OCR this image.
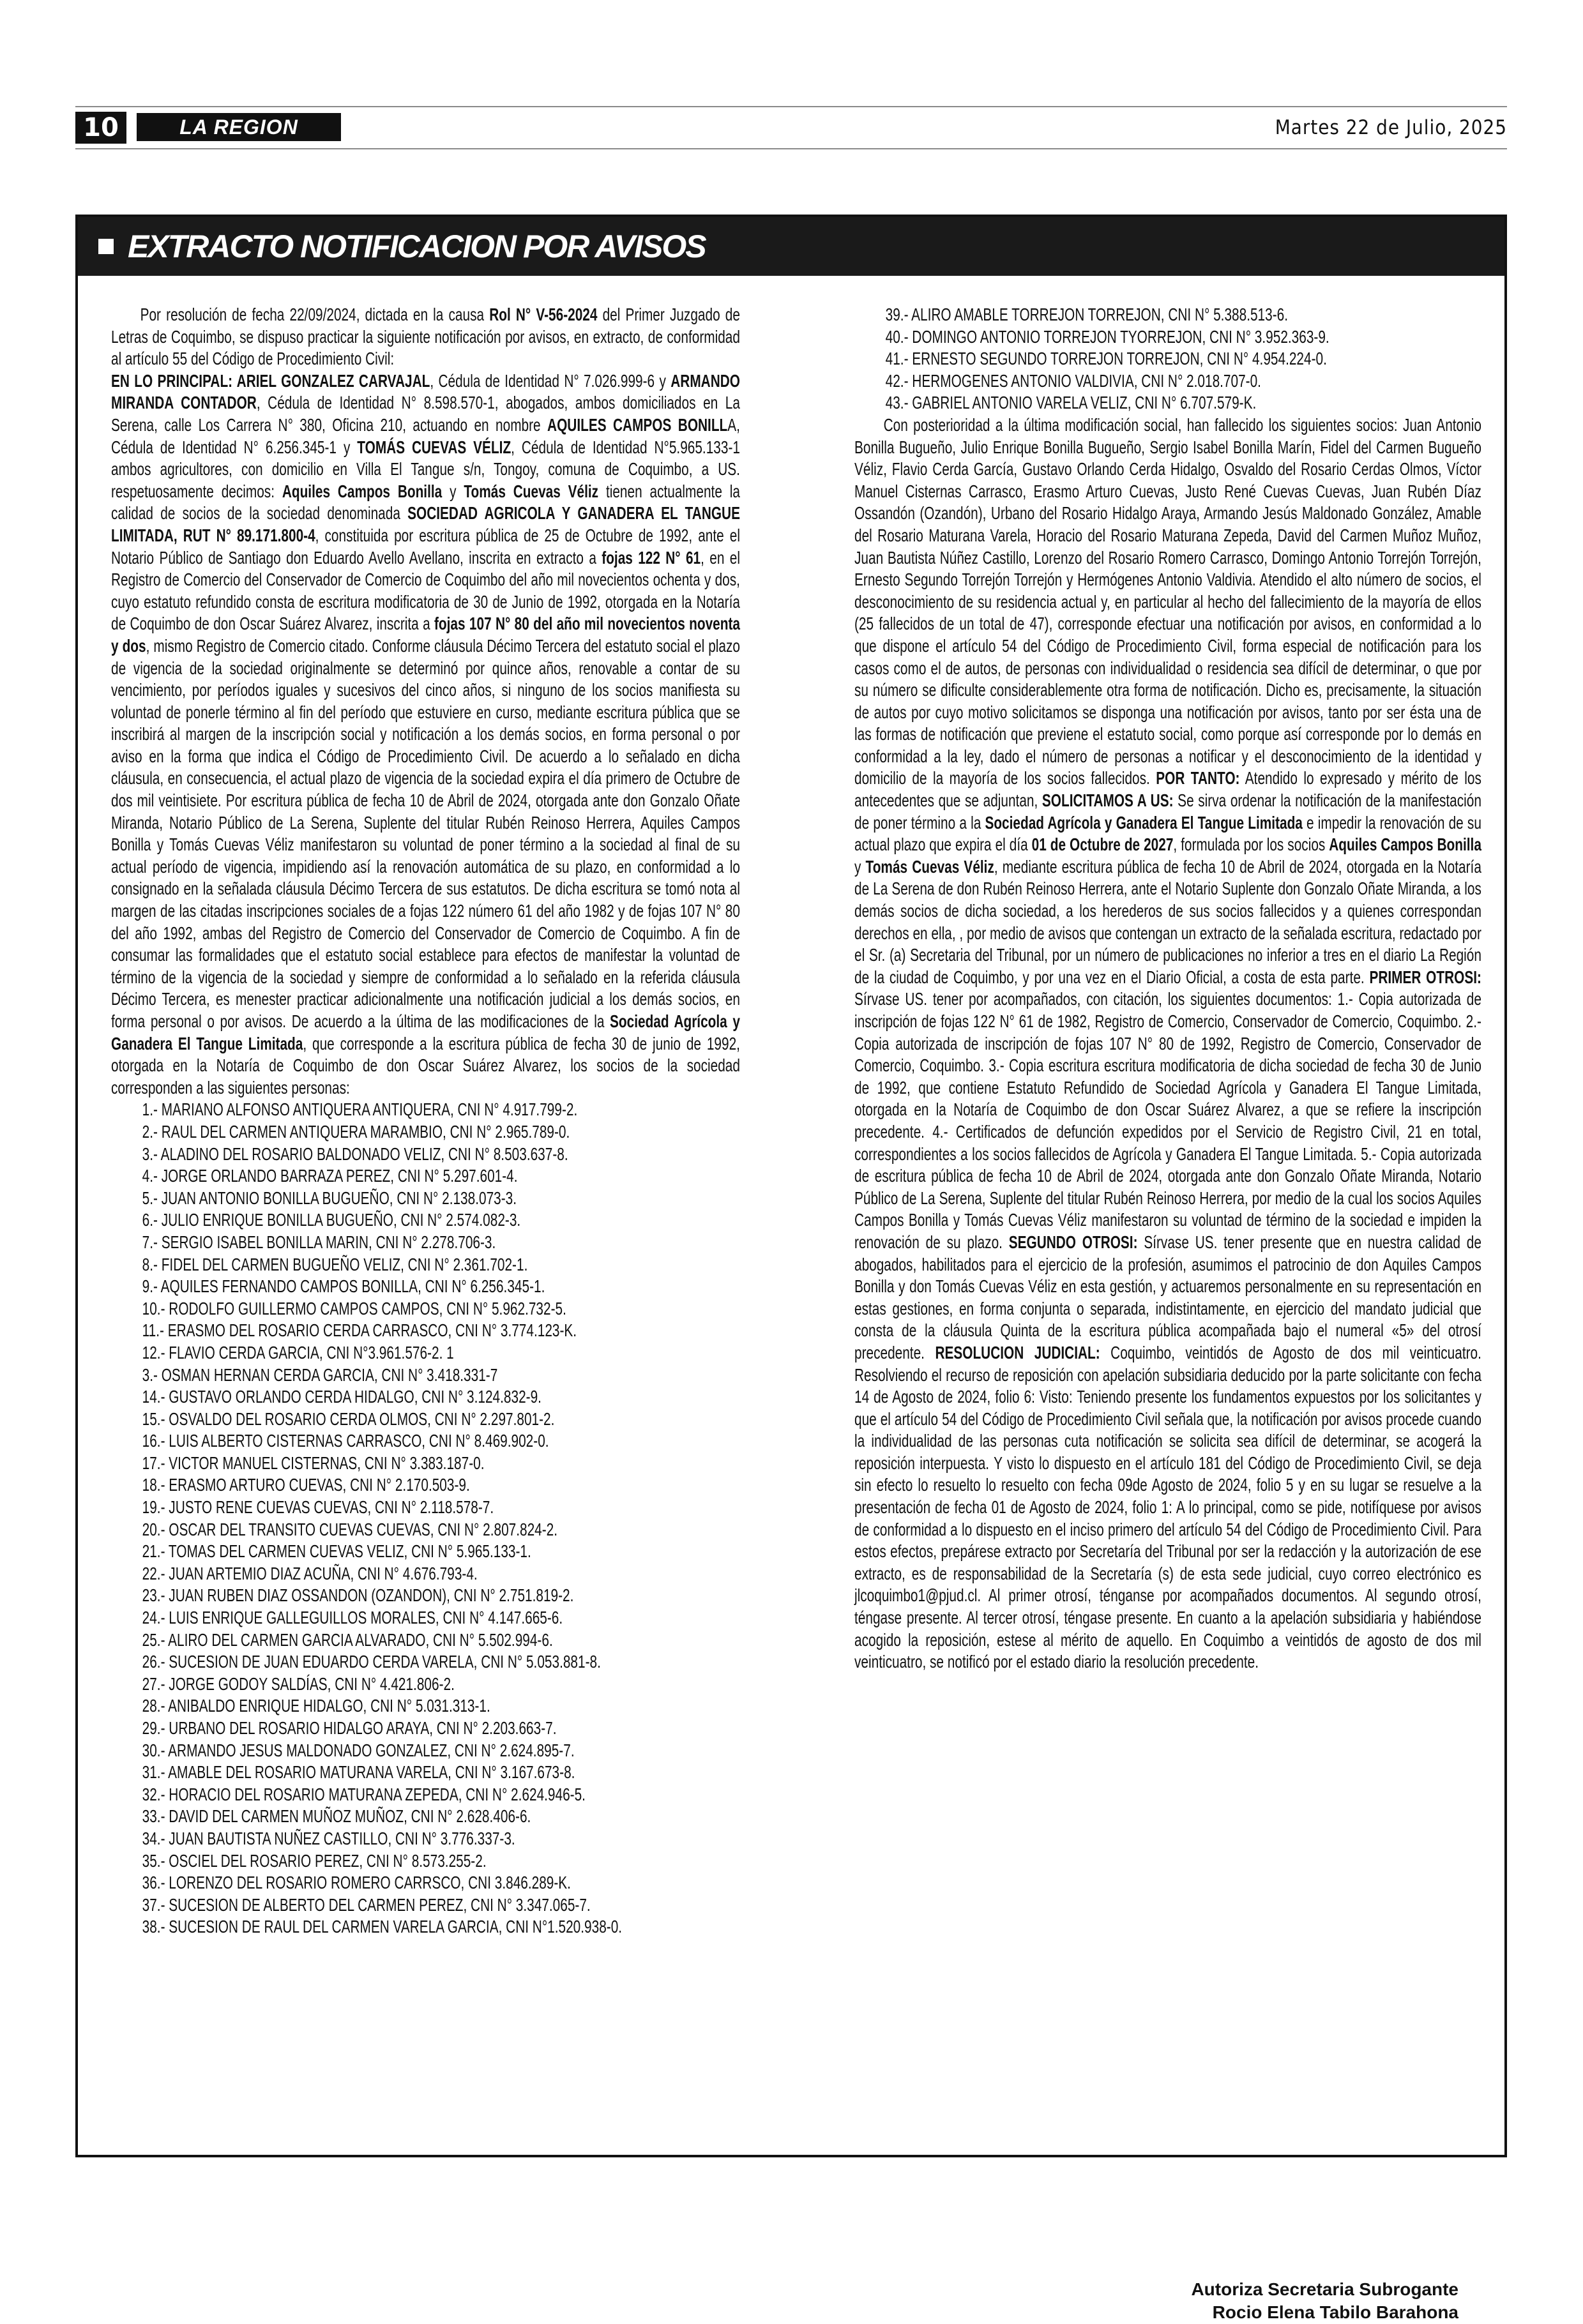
10	LA REGION	Martes 22 de Julio, 2025
EXTRACTO NOTIFICACION POR AVISOS

Por resolución de fecha 22/09/2024, dictada en la causa Rol N° V-56-2024 del Primer Juzgado de Letras de Coquimbo, se dispuso practicar la siguiente notificación por avisos, en extracto, de conformidad al artículo 55 del Código de Procedimiento Civil:

EN LO PRINCIPAL: ARIEL GONZALEZ CARVAJAL, Cédula de Identidad N° 7.026.999-6 y ARMANDO MIRANDA CONTADOR, Cédula de Identidad N° 8.598.570-1, abogados, ambos domiciliados en La Serena, calle Los Carrera N° 380, Oficina 210, actuando en nombre AQUILES CAMPOS BONILLA, Cédula de Identidad N° 6.256.345-1 y TOMÁS CUEVAS VÉLIZ, Cédula de Identidad N°5.965.133-1 ambos agricultores, con domicilio en Villa El Tangue s/n, Tongoy, comuna de Coquimbo, a US. respetuosamente decimos: Aquiles Campos Bonilla y Tomás Cuevas Véliz tienen actualmente la calidad de socios de la sociedad denominada SOCIEDAD AGRICOLA Y GANADERA EL TANGUE LIMITADA, RUT N° 89.171.800-4, constituida por escritura pública de 25 de Octubre de 1992, ante el Notario Público de Santiago don Eduardo Avello Avellano, inscrita en extracto a fojas 122 N° 61, en el Registro de Comercio del Conservador de Comercio de Coquimbo del año mil novecientos ochenta y dos, cuyo estatuto refundido consta de escritura modificatoria de 30 de Junio de 1992, otorgada en la Notaría de Coquimbo de don Oscar Suárez Alvarez, inscrita a fojas 107 N° 80 del año mil novecientos noventa y dos, mismo Registro de Comercio citado. Conforme cláusula Décimo Tercera del estatuto social el plazo de vigencia de la sociedad originalmente se determinó por quince años, renovable a contar de su vencimiento, por períodos iguales y sucesivos del cinco años, si ninguno de los socios manifiesta su voluntad de ponerle término al fin del período que estuviere en curso, mediante escritura pública que se inscribirá al margen de la inscripción social y notificación a los demás socios, en forma personal o por aviso en la forma que indica el Código de Procedimiento Civil. De acuerdo a lo señalado en dicha cláusula, en consecuencia, el actual plazo de vigencia de la sociedad expira el día primero de Octubre de dos mil veintisiete. Por escritura pública de fecha 10 de Abril de 2024, otorgada ante don Gonzalo Oñate Miranda, Notario Público de La Serena, Suplente del titular Rubén Reinoso Herrera, Aquiles Campos Bonilla y Tomás Cuevas Véliz manifestaron su voluntad de poner término a la sociedad al final de su actual período de vigencia, impidiendo así la renovación automática de su plazo, en conformidad a lo consignado en la señalada cláusula Décimo Tercera de sus estatutos. De dicha escritura se tomó nota al margen de las citadas inscripciones sociales de a fojas 122 número 61 del año 1982 y de fojas 107 N° 80 del año 1992, ambas del Registro de Comercio del Conservador de Comercio de Coquimbo. A fin de consumar las formalidades que el estatuto social establece para efectos de manifestar la voluntad de término de la vigencia de la sociedad y siempre de conformidad a lo señalado en la referida cláusula Décimo Tercera, es menester practicar adicionalmente una notificación judicial a los demás socios, en forma personal o por avisos. De acuerdo a la última de las modificaciones de la Sociedad Agrícola y Ganadera El Tangue Limitada, que corresponde a la escritura pública de fecha 30 de junio de 1992, otorgada en la Notaría de Coquimbo de don Oscar Suárez Alvarez, los socios de la sociedad corresponden a las siguientes personas:

1.- MARIANO ALFONSO ANTIQUERA ANTIQUERA, CNI N° 4.917.799-2.
2.- RAUL DEL CARMEN ANTIQUERA MARAMBIO, CNI N° 2.965.789-0.
3.- ALADINO DEL ROSARIO BALDONADO VELIZ, CNI N° 8.503.637-8.
4.- JORGE ORLANDO BARRAZA PEREZ, CNI N° 5.297.601-4.
5.- JUAN ANTONIO BONILLA BUGUEÑO, CNI N° 2.138.073-3.
6.- JULIO ENRIQUE BONILLA BUGUEÑO, CNI N° 2.574.082-3.
7.- SERGIO ISABEL BONILLA MARIN, CNI N° 2.278.706-3.
8.- FIDEL DEL CARMEN BUGUEÑO VELIZ, CNI N° 2.361.702-1.
9.- AQUILES FERNANDO CAMPOS BONILLA, CNI N° 6.256.345-1.
10.- RODOLFO GUILLERMO CAMPOS CAMPOS, CNI N° 5.962.732-5.
11.- ERASMO DEL ROSARIO CERDA CARRASCO, CNI N° 3.774.123-K.
12.- FLAVIO CERDA GARCIA, CNI N°3.961.576-2. 1
3.- OSMAN HERNAN CERDA GARCIA, CNI N° 3.418.331-7
14.- GUSTAVO ORLANDO CERDA HIDALGO, CNI N° 3.124.832-9.
15.- OSVALDO DEL ROSARIO CERDA OLMOS, CNI N° 2.297.801-2.
16.- LUIS ALBERTO CISTERNAS CARRASCO, CNI N° 8.469.902-0.
17.- VICTOR MANUEL CISTERNAS, CNI N° 3.383.187-0.
18.- ERASMO ARTURO CUEVAS, CNI N° 2.170.503-9.
19.- JUSTO RENE CUEVAS CUEVAS, CNI N° 2.118.578-7.
20.- OSCAR DEL TRANSITO CUEVAS CUEVAS, CNI N° 2.807.824-2.
21.- TOMAS DEL CARMEN CUEVAS VELIZ, CNI N° 5.965.133-1.
22.- JUAN ARTEMIO DIAZ ACUÑA, CNI N° 4.676.793-4.
23.- JUAN RUBEN DIAZ OSSANDON (OZANDON), CNI N° 2.751.819-2.
24.- LUIS ENRIQUE GALLEGUILLOS MORALES, CNI N° 4.147.665-6.
25.- ALIRO DEL CARMEN GARCIA ALVARADO, CNI N° 5.502.994-6.
26.- SUCESION DE JUAN EDUARDO CERDA VARELA, CNI N° 5.053.881-8.
27.- JORGE GODOY SALDÍAS, CNI N° 4.421.806-2.
28.- ANIBALDO ENRIQUE HIDALGO, CNI N° 5.031.313-1.
29.- URBANO DEL ROSARIO HIDALGO ARAYA, CNI N° 2.203.663-7.
30.- ARMANDO JESUS MALDONADO GONZALEZ, CNI N° 2.624.895-7.
31.- AMABLE DEL ROSARIO MATURANA VARELA, CNI N° 3.167.673-8.
32.- HORACIO DEL ROSARIO MATURANA ZEPEDA, CNI N° 2.624.946-5.
33.- DAVID DEL CARMEN MUÑOZ MUÑOZ, CNI N° 2.628.406-6.
34.- JUAN BAUTISTA NUÑEZ CASTILLO, CNI N° 3.776.337-3.
35.- OSCIEL DEL ROSARIO PEREZ, CNI N° 8.573.255-2.
36.- LORENZO DEL ROSARIO ROMERO CARRSCO, CNI 3.846.289-K.
37.- SUCESION DE ALBERTO DEL CARMEN PEREZ, CNI N° 3.347.065-7.
38.- SUCESION DE RAUL DEL CARMEN VARELA GARCIA, CNI N°1.520.938-0.
39.- ALIRO AMABLE TORREJON TORREJON, CNI N° 5.388.513-6.
40.- DOMINGO ANTONIO TORREJON TYORREJON, CNI N° 3.952.363-9.
41.- ERNESTO SEGUNDO TORREJON TORREJON, CNI N° 4.954.224-0.
42.- HERMOGENES ANTONIO VALDIVIA, CNI N° 2.018.707-0.
43.- GABRIEL ANTONIO VARELA VELIZ, CNI N° 6.707.579-K.

Con posterioridad a la última modificación social, han fallecido los siguientes socios: Juan Antonio Bonilla Bugueño, Julio Enrique Bonilla Bugueño, Sergio Isabel Bonilla Marín, Fidel del Carmen Bugueño Véliz, Flavio Cerda García, Gustavo Orlando Cerda Hidalgo, Osvaldo del Rosario Cerdas Olmos, Víctor Manuel Cisternas Carrasco, Erasmo Arturo Cuevas, Justo René Cuevas Cuevas, Juan Rubén Díaz Ossandón (Ozandón), Urbano del Rosario Hidalgo Araya, Armando Jesús Maldonado González, Amable del Rosario Maturana Varela, Horacio del Rosario Maturana Zepeda, David del Carmen Muñoz Muñoz, Juan Bautista Núñez Castillo, Lorenzo del Rosario Romero Carrasco, Domingo Antonio Torrejón Torrejón, Ernesto Segundo Torrejón Torrejón y Hermógenes Antonio Valdivia. Atendido el alto número de socios, el desconocimiento de su residencia actual y, en particular al hecho del fallecimiento de la mayoría de ellos (25 fallecidos de un total de 47), corresponde efectuar una notificación por avisos, en conformidad a lo que dispone el artículo 54 del Código de Procedimiento Civil, forma especial de notificación para los casos como el de autos, de personas con individualidad o residencia sea difícil de determinar, o que por su número se dificulte considerablemente otra forma de notificación. Dicho es, precisamente, la situación de autos por cuyo motivo solicitamos se disponga una notificación por avisos, tanto por ser ésta una de las formas de notificación que previene el estatuto social, como porque así corresponde por lo demás en conformidad a la ley, dado el número de personas a notificar y el desconocimiento de la identidad y domicilio de la mayoría de los socios fallecidos. POR TANTO: Atendido lo expresado y mérito de los antecedentes que se adjuntan, SOLICITAMOS A US: Se sirva ordenar la notificación de la manifestación de poner término a la Sociedad Agrícola y Ganadera El Tangue Limitada e impedir la renovación de su actual plazo que expira el día 01 de Octubre de 2027, formulada por los socios Aquiles Campos Bonilla y Tomás Cuevas Véliz, mediante escritura pública de fecha 10 de Abril de 2024, otorgada en la Notaría de La Serena de don Rubén Reinoso Herrera, ante el Notario Suplente don Gonzalo Oñate Miranda, a los demás socios de dicha sociedad, a los herederos de sus socios fallecidos y a quienes correspondan derechos en ella, , por medio de avisos que contengan un extracto de la señalada escritura, redactado por el Sr. (a) Secretaria del Tribunal, por un número de publicaciones no inferior a tres en el diario La Región de la ciudad de Coquimbo, y por una vez en el Diario Oficial, a costa de esta parte. PRIMER OTROSI: Sírvase US. tener por acompañados, con citación, los siguientes documentos: 1.- Copia autorizada de inscripción de fojas 122 N° 61 de 1982, Registro de Comercio, Conservador de Comercio, Coquimbo. 2.- Copia autorizada de inscripción de fojas 107 N° 80 de 1992, Registro de Comercio, Conservador de Comercio, Coquimbo. 3.- Copia escritura escritura modificatoria de dicha sociedad de fecha 30 de Junio de 1992, que contiene Estatuto Refundido de Sociedad Agrícola y Ganadera El Tangue Limitada, otorgada en la Notaría de Coquimbo de don Oscar Suárez Alvarez, a que se refiere la inscripción precedente. 4.- Certificados de defunción expedidos por el Servicio de Registro Civil, 21 en total, correspondientes a los socios fallecidos de Agrícola y Ganadera El Tangue Limitada. 5.- Copia autorizada de escritura pública de fecha 10 de Abril de 2024, otorgada ante don Gonzalo Oñate Miranda, Notario Público de La Serena, Suplente del titular Rubén Reinoso Herrera, por medio de la cual los socios Aquiles Campos Bonilla y Tomás Cuevas Véliz manifestaron su voluntad de término de la sociedad e impiden la renovación de su plazo. SEGUNDO OTROSI: Sírvase US. tener presente que en nuestra calidad de abogados, habilitados para el ejercicio de la profesión, asumimos el patrocinio de don Aquiles Campos Bonilla y don Tomás Cuevas Véliz en esta gestión, y actuaremos personalmente en su representación en estas gestiones, en forma conjunta o separada, indistintamente, en ejercicio del mandato judicial que consta de la cláusula Quinta de la escritura pública acompañada bajo el numeral «5» del otrosí precedente. RESOLUCION JUDICIAL: Coquimbo, veintidós de Agosto de dos mil veinticuatro. Resolviendo el recurso de reposición con apelación subsidiaria deducido por la parte solicitante con fecha 14 de Agosto de 2024, folio 6: Visto: Teniendo presente los fundamentos expuestos por los solicitantes y que el artículo 54 del Código de Procedimiento Civil señala que, la notificación por avisos procede cuando la individualidad de las personas cuta notificación se solicita sea difícil de determinar, se acogerá la reposición interpuesta. Y visto lo dispuesto en el artículo 181 del Código de Procedimiento Civil, se deja sin efecto lo resuelto lo resuelto con fecha 09de Agosto de 2024, folio 5 y en su lugar se resuelve a la presentación de fecha 01 de Agosto de 2024, folio 1: A lo principal, como se pide, notifíquese por avisos de conformidad a lo dispuesto en el inciso primero del artículo 54 del Código de Procedimiento Civil. Para estos efectos, prepárese extracto por Secretaría del Tribunal por ser la redacción y la autorización de ese extracto, es de responsabilidad de la Secretaría (s) de esta sede judicial, cuyo correo electrónico es jlcoquimbo1@pjud.cl. Al primer otrosí, ténganse por acompañados documentos. Al segundo otrosí, téngase presente. Al tercer otrosí, téngase presente. En cuanto a la apelación subsidiaria y habiéndose acogido la reposición, estese al mérito de aquello. En Coquimbo a veintidós de agosto de dos mil veinticuatro, se notificó por el estado diario la resolución precedente.

Autoriza Secretaria Subrogante
Rocio Elena Tabilo Barahona
